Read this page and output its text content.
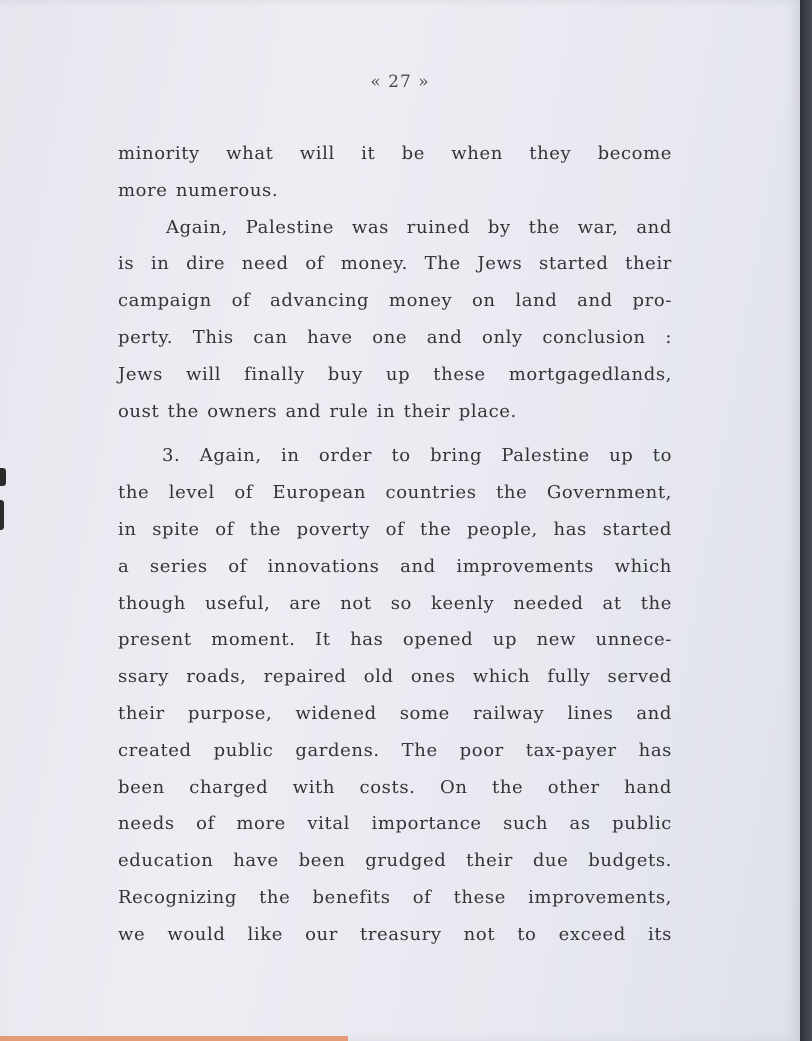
« 27 »
minority what will it be when they become
more numerous.
Again, Palestine was ruined by the war, and
is in dire need of money. The Jews started their
campaign of advancing money on land and pro-
perty. This can have one and only conclusion :
Jews will finally buy up these mortgagedlands,
oust the owners and rule in their place.
3. Again, in order to bring Palestine up to
the level of European countries the Government,
in spite of the poverty of the people, has started
a series of innovations and improvements which
though useful, are not so keenly needed at the
present moment. It has opened up new unnece-
ssary roads, repaired old ones which fully served
their purpose, widened some railway lines and
created public gardens. The poor tax-payer has
been charged with costs. On the other hand
needs of more vital importance such as public
education have been grudged their due budgets.
Recognizing the benefits of these improvements,
we would like our treasury not to exceed its
